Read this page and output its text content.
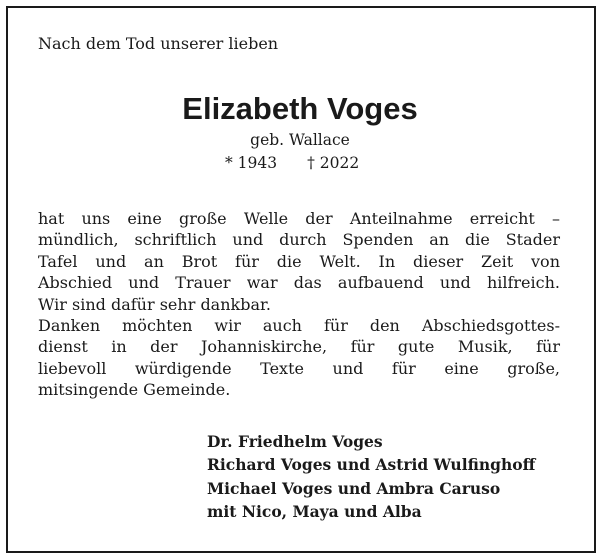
Nach dem Tod unserer lieben
Elizabeth Voges
geb. Wallace
* 1943 † 2022
hat uns eine große Welle der Anteilnahme erreicht –
mündlich, schriftlich und durch Spenden an die Stader
Tafel und an Brot für die Welt. In dieser Zeit von
Abschied und Trauer war das aufbauend und hilfreich.
Wir sind dafür sehr dankbar.
Danken möchten wir auch für den Abschiedsgottes-
dienst in der Johanniskirche, für gute Musik, für
liebevoll würdigende Texte und für eine große,
mitsingende Gemeinde.
Dr. Friedhelm Voges
Richard Voges und Astrid Wulfinghoff
Michael Voges und Ambra Caruso
mit Nico, Maya und Alba
